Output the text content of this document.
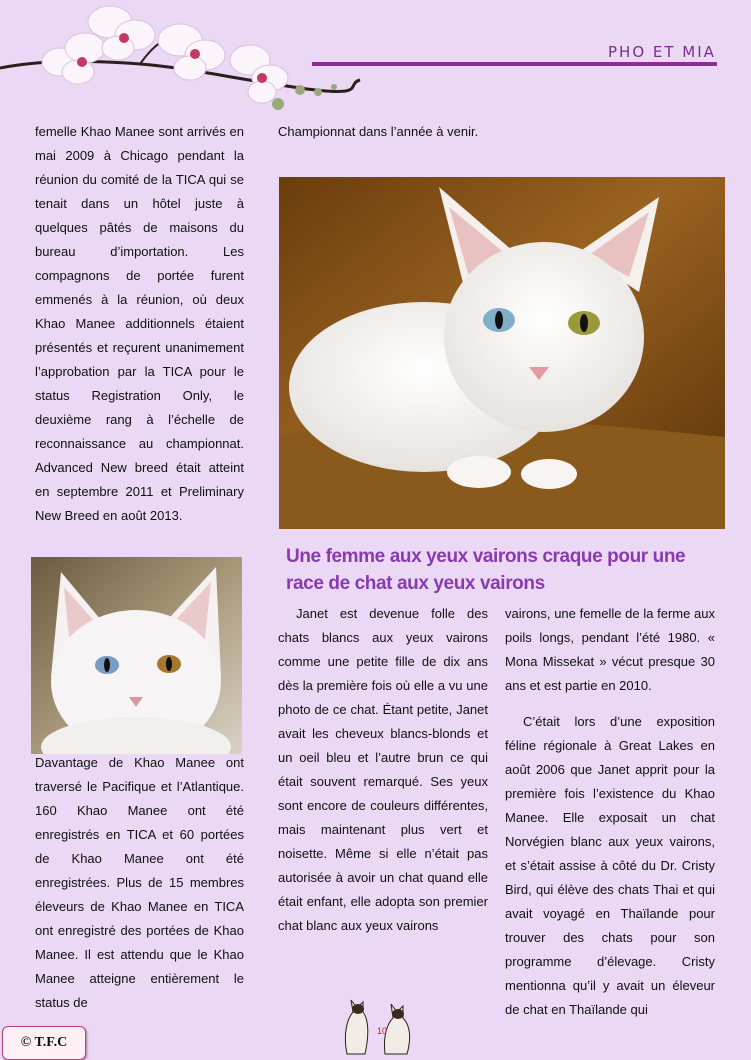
PHO ET MIA

femelle Khao Manee sont arrivés en mai 2009 à Chicago pendant la réunion du comité de la TICA qui se tenait dans un hôtel juste à quelques pâtés de maisons du bureau d’importation. Les compagnons de portée furent emmenés à la réunion, où deux Khao Manee additionnels étaient présentés et reçurent unanimement l’approbation par la TICA pour le status Registration Only, le deuxième rang à l’échelle de reconnaissance au championnat. Advanced New breed était atteint en septembre 2011 et Preliminary New Breed en août 2013.

Davantage de Khao Manee ont traversé le Pacifique et l’Atlantique. 160 Khao Manee ont été enregistrés en TICA et 60 portées de Khao Manee ont été enregistrées. Plus de 15 membres éleveurs de Khao Manee en TICA ont enregistré des portées de Khao Manee. Il est attendu que le Khao Manee atteigne entièrement le status de

Championnat dans l’année à venir.

Une femme aux yeux vairons craque pour une race de chat aux yeux vairons

Janet est devenue folle des chats blancs aux yeux vairons comme une petite fille de dix ans dès la première fois où elle a vu une photo de ce chat. Étant petite, Janet avait les cheveux blancs-blonds et un oeil bleu et l’autre brun ce qui était souvent remarqué. Ses yeux sont encore de couleurs différentes, mais maintenant plus vert et noisette. Même si elle n’était pas autorisée à avoir un chat quand elle était enfant, elle adopta son premier chat blanc aux yeux vairons

vairons, une femelle de la ferme aux poils longs, pendant l’été 1980. « Mona Missekat » vécut presque 30 ans et est partie en 2010.

C’était lors d’une exposition féline régionale à Great Lakes en août 2006 que Janet apprit pour la première fois l’existence du Khao Manee. Elle exposait un chat Norvégien blanc aux yeux vairons, et s’était assise à côté du Dr. Cristy Bird, qui élève des chats Thai et qui avait voyagé en Thaïlande pour trouver des chats pour son programme d’élevage. Cristy mentionna qu’il y avait un éleveur de chat en Thaïlande qui

© T.F.C
10
